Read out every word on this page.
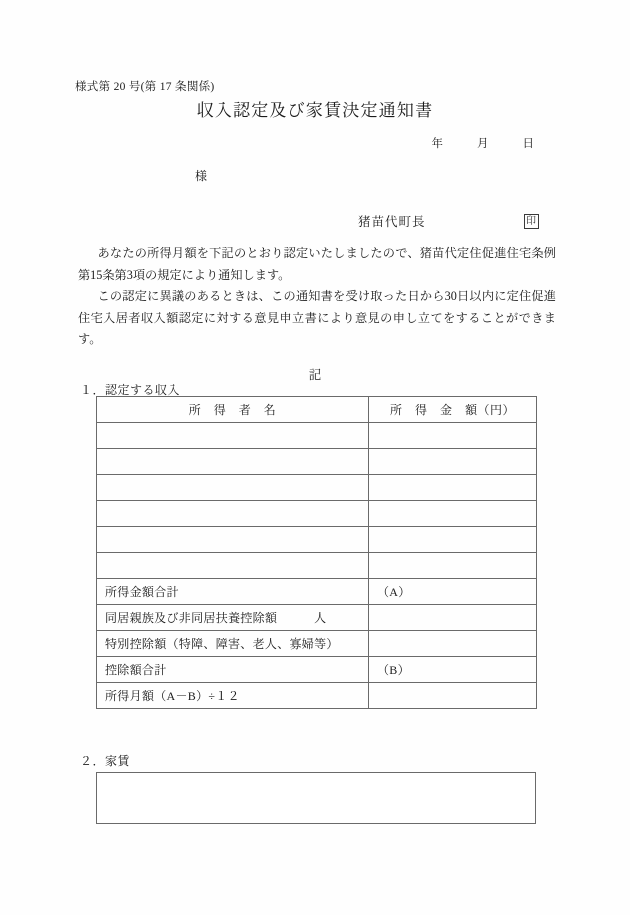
様式第 20 号(第 17 条関係)
収入認定及び家賃決定通知書
年	月	日
様
猪苗代町長	印

あなたの所得月額を下記のとおり認定いたしましたので、猪苗代定住促進住宅条例第15条第3項の規定により通知します。

この認定に異議のあるときは、この通知書を受け取った日から30日以内に定住促進住宅入居者収入額認定に対する意見申立書により意見の申し立てをすることができます。

記
１．認定する収入
所　得　者　名	所　得　金　額（円）

所得金額合計	（A）
同居親族及び非同居扶養控除額　　　人	
特別控除額（特障、障害、老人、寡婦等）	
控除額合計	（B）
所得月額（A－B）÷１２	
２．家賃
